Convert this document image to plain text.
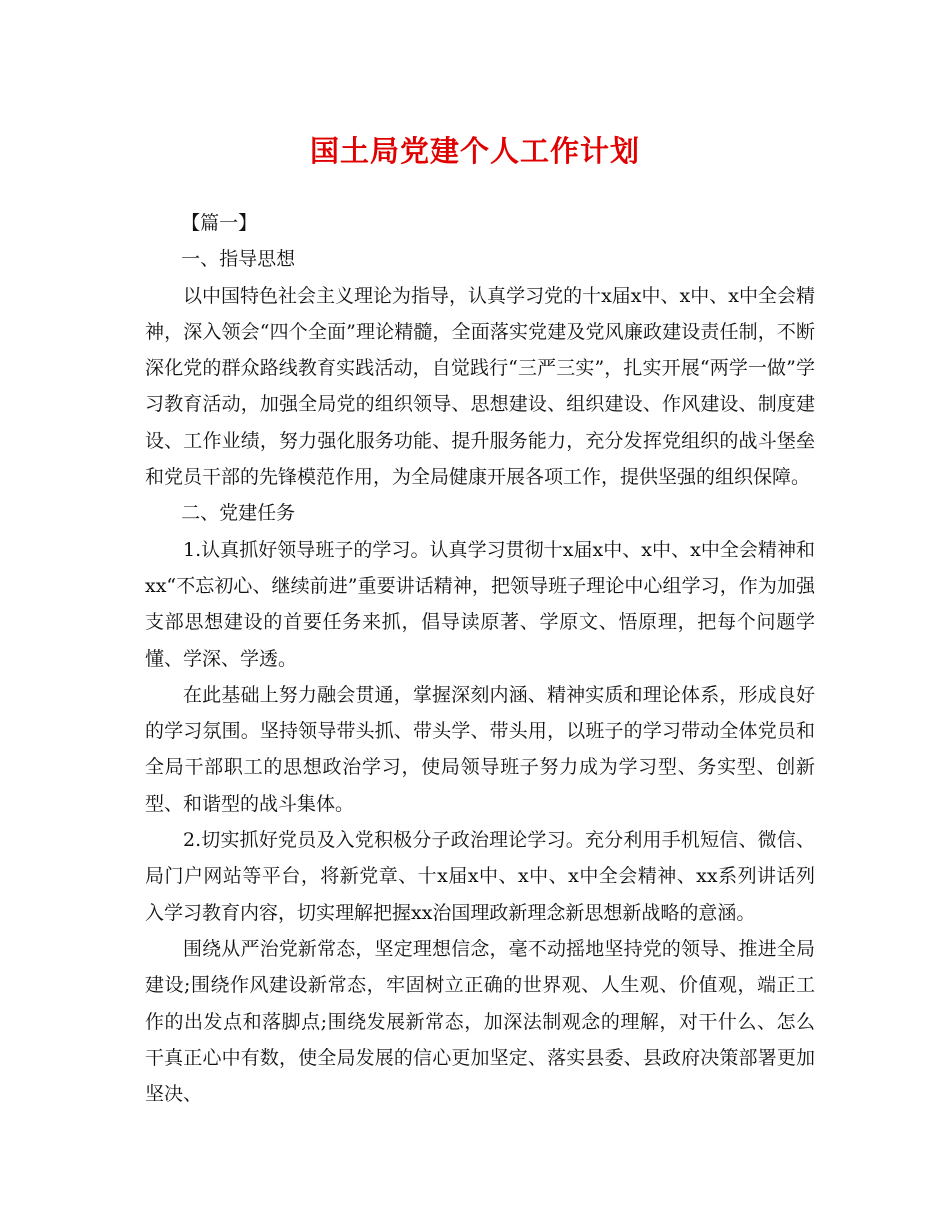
国土局党建个人工作计划

【篇一】

一、指导思想

以中国特色社会主义理论为指导，认真学习党的十x届x中、x中、x中全会精神，深入领会“四个全面”理论精髓，全面落实党建及党风廉政建设责任制，不断深化党的群众路线教育实践活动，自觉践行“三严三实”，扎实开展“两学一做”学习教育活动，加强全局党的组织领导、思想建设、组织建设、作风建设、制度建设、工作业绩，努力强化服务功能、提升服务能力，充分发挥党组织的战斗堡垒和党员干部的先锋模范作用，为全局健康开展各项工作，提供坚强的组织保障。

二、党建任务

1.认真抓好领导班子的学习。认真学习贯彻十x届x中、x中、x中全会精神和xx“不忘初心、继续前进”重要讲话精神，把领导班子理论中心组学习，作为加强支部思想建设的首要任务来抓，倡导读原著、学原文、悟原理，把每个问题学懂、学深、学透。

在此基础上努力融会贯通，掌握深刻内涵、精神实质和理论体系，形成良好的学习氛围。坚持领导带头抓、带头学、带头用，以班子的学习带动全体党员和全局干部职工的思想政治学习，使局领导班子努力成为学习型、务实型、创新型、和谐型的战斗集体。

2.切实抓好党员及入党积极分子政治理论学习。充分利用手机短信、微信、局门户网站等平台，将新党章、十x届x中、x中、x中全会精神、xx系列讲话列入学习教育内容，切实理解把握xx治国理政新理念新思想新战略的意涵。

围绕从严治党新常态，坚定理想信念，毫不动摇地坚持党的领导、推进全局建设;围绕作风建设新常态，牢固树立正确的世界观、人生观、价值观，端正工作的出发点和落脚点;围绕发展新常态，加深法制观念的理解，对干什么、怎么干真正心中有数，使全局发展的信心更加坚定、落实县委、县政府决策部署更加坚决、
